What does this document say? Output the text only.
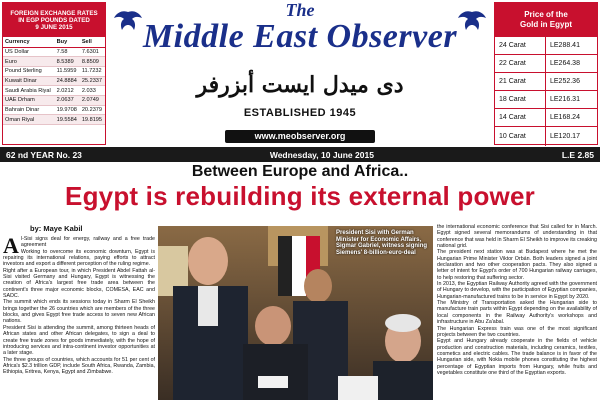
FOREIGN EXCHANGE RATES
IN EGP POUNDS DATED
9 JUNE 2015
Currency	Buy	Sell
US Dollar	7.58	7.6301
Euro	8.5389	8.8509
Pound Sterling	11.5959	11.7232
Kuwait Dinar	24.8884	25.2337
Saudi Arabia Riyal	2.0212	2.033
UAE Drham	2.0637	2.0749
Bahrain Dinar	19.9708	20.2379
Oman Riyal	19.5584	19.8195
The
Middle East Observer
دى ميدل ايست أبزرفر
ESTABLISHED 1945
www.meobserver.org
Price of the
Gold in Egypt
24 Carat	LE288.41
22 Carat	LE264.38
21 Carat	LE252.36
18 Carat	LE216.31
14 Carat	LE168.24
10 Carat	LE120.17
62 nd YEAR No. 23	Wednesday, 10 June 2015	L.E 2.85
Between Europe and Africa..
Egypt is rebuilding its external power
by: Maye Kabil

Al-Sisi signs deal for energy, railway and a free trade agreement

Working to overcome its economic downturn, Egypt is repairing its international relations, paying efforts to attract investors and export a different perception of the ruling regime.

Right after a European tour, in which President Abdel Fattah al-Sisi visited Germany and Hungary, Egypt is witnessing the creation of Africa's largest free trade area between the continent's three major economic blocks, COMESA, EAC and SADC.

The summit which ends its sessions today in Sharm El Sheikh brings together the 26 countries which are members of the three blocks, and gives Egypt free trade access to seven new African nations.

President Sisi is attending the summit, among thirteen heads of African states and other African delegates, to sign a deal to create free trade zones for goods immediately, with the hope of introducing services and intra-continent investor opportunities at a later stage.

The three groups of countries, which accounts for 51 per cent of Africa's $2.3 trillion GDP, include South Africa, Rwanda, Zambia, Ethiopia, Eritrea, Kenya, Egypt and Zimbabwe.

President Sisi with German Minister for Economic Affairs, Sigmar Gabriel, witness signing Siemens' 8-billion-euro-deal

the international economic conference that Sisi called for in March. Egypt signed several memorandums of understanding in that conference that was held in Sharm El Sheikh to improve its creaking national grid.

The president next station was at Budapest where he met the Hungarian Prime Minister Viktor Orbán. Both leaders signed a joint declaration and two other cooperation pacts. They also signed a letter of intent for Egypt's order of 700 Hungarian railway carriages, to help restoring that suffering sector.

In 2013, the Egyptian Railway Authority agreed with the government of Hungary to develop, with the participation of Egyptian companies, Hungarian-manufactured trains to be in service in Egypt by 2020.

The Ministry of Transportation asked the Hungarian side to manufacture train parts within Egypt depending on the availability of local components in the Railway Authority's workshops and infrastructure in Abu Za'abal.

The Hungarian Express train was one of the most significant projects between the two countries.

Egypt and Hungary already cooperate in the fields of vehicle production and construction materials, including ceramics, textiles, cosmetics and electric cables. The trade balance is in favor of the Hungarian side, with Nokia mobile phones constituting the highest percentage of Egyptian imports from Hungary, while fruits and vegetables constitute one third of the Egyptian exports.
